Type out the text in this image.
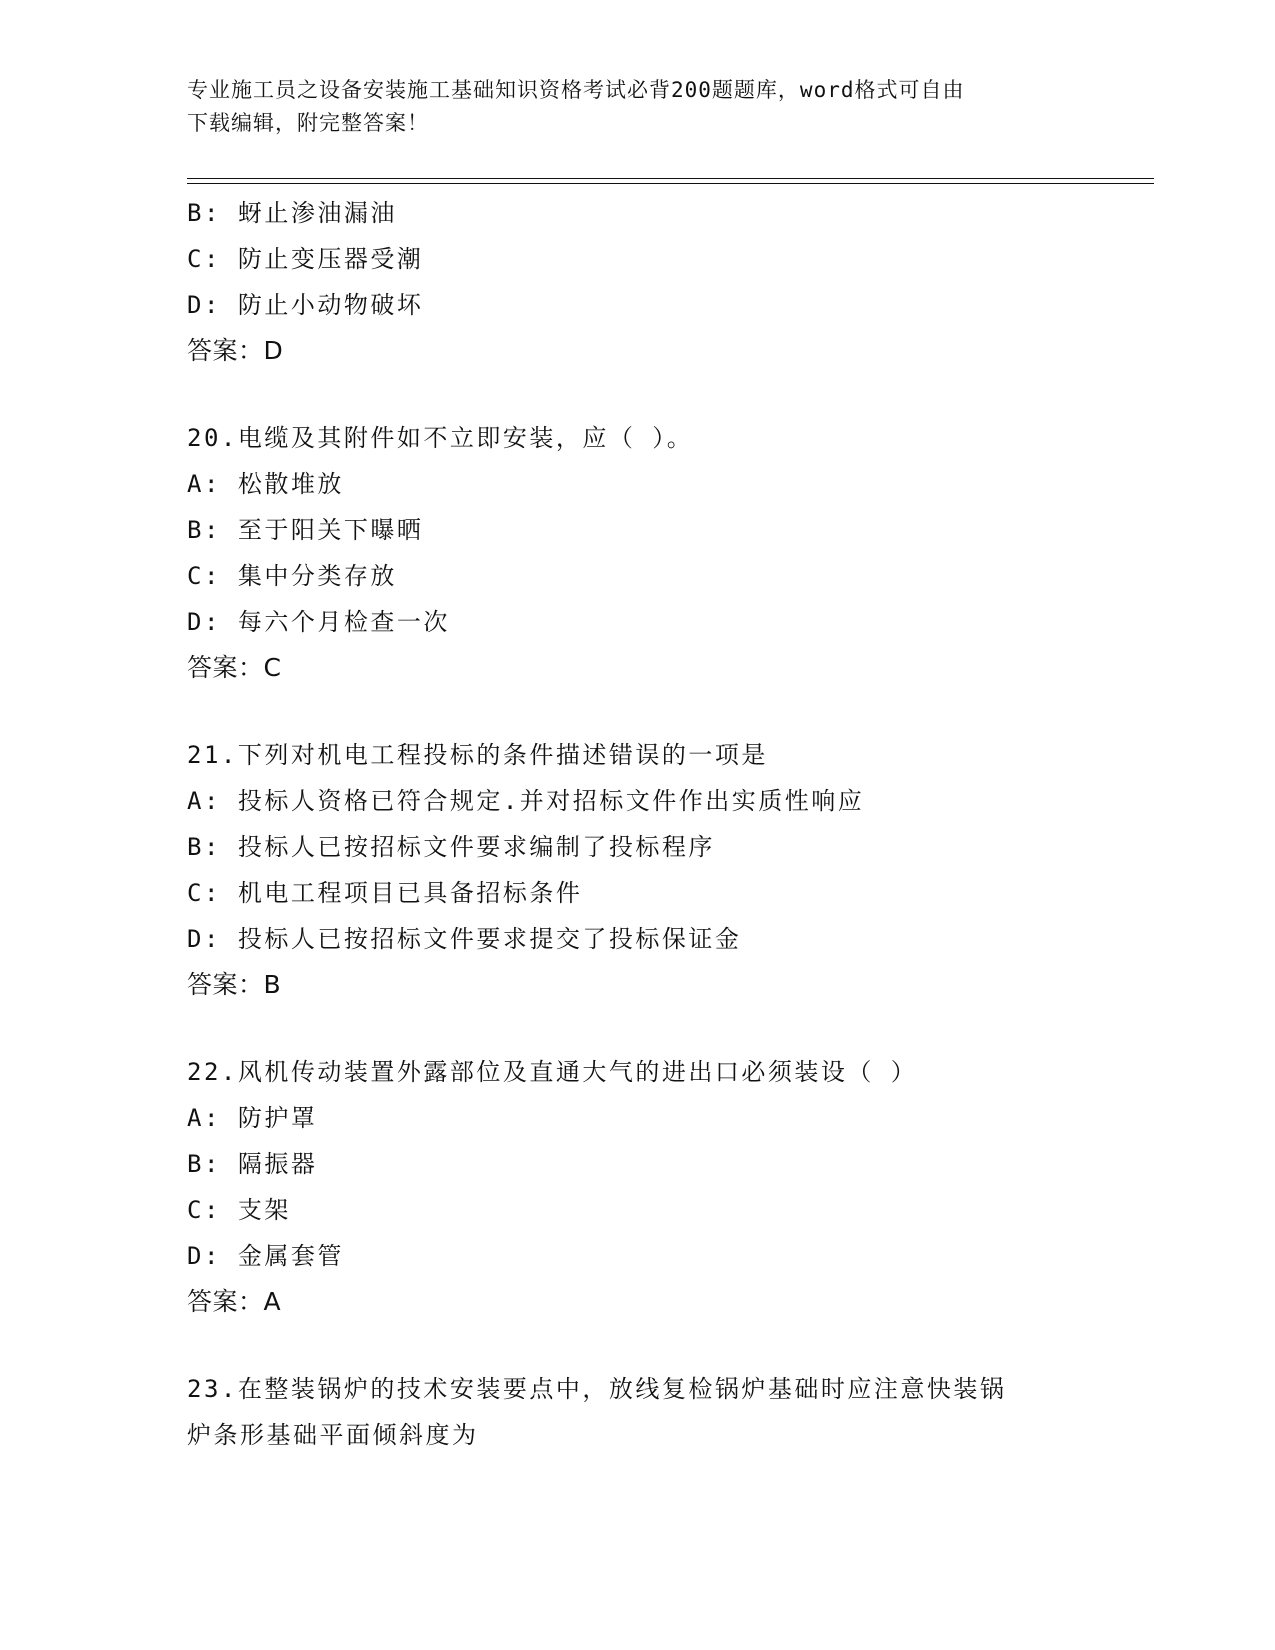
专业施工员之设备安装施工基础知识资格考试必背200题题库，word格式可自由
下载编辑，附完整答案！
B: 蚜止渗油漏油
C: 防止变压器受潮
D: 防止小动物破坏
答案：D
20.电缆及其附件如不立即安装，应（ ）。
A: 松散堆放
B: 至于阳关下曝晒
C: 集中分类存放
D: 每六个月检查一次
答案：C
21.下列对机电工程投标的条件描述错误的一项是
A: 投标人资格已符合规定.并对招标文件作出实质性响应
B: 投标人已按招标文件要求编制了投标程序
C: 机电工程项目已具备招标条件
D: 投标人已按招标文件要求提交了投标保证金
答案：B
22.风机传动装置外露部位及直通大气的进出口必须装设（ ）
A: 防护罩
B: 隔振器
C: 支架
D: 金属套管
答案：A
23.在整装锅炉的技术安装要点中，放线复检锅炉基础时应注意快装锅
炉条形基础平面倾斜度为
